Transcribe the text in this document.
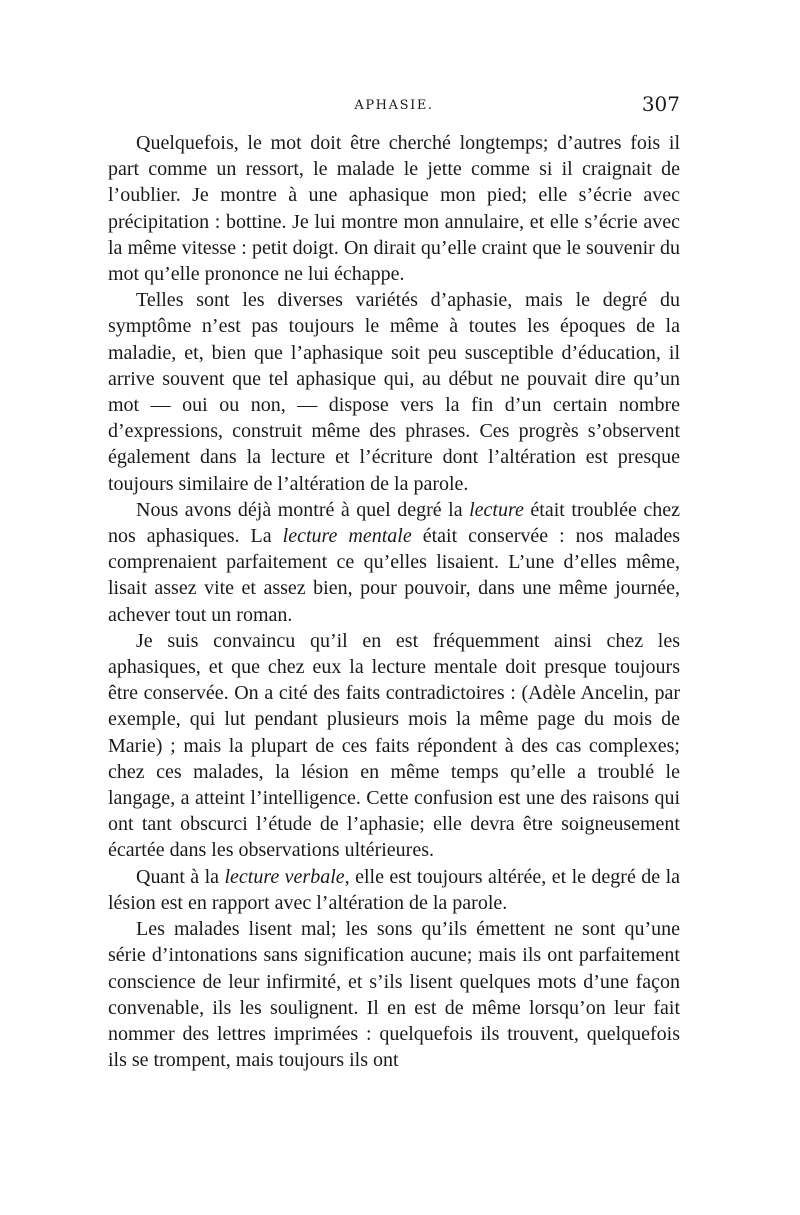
APHASIE.	307

Quelquefois, le mot doit être cherché longtemps; d’autres fois il part comme un ressort, le malade le jette comme si il craignait de l’oublier. Je montre à une aphasique mon pied; elle s’écrie avec précipitation : bottine. Je lui montre mon annulaire, et elle s’écrie avec la même vitesse : petit doigt. On dirait qu’elle craint que le souvenir du mot qu’elle prononce ne lui échappe.

Telles sont les diverses variétés d’aphasie, mais le degré du symptôme n’est pas toujours le même à toutes les époques de la maladie, et, bien que l’aphasique soit peu susceptible d’éducation, il arrive souvent que tel aphasique qui, au début ne pouvait dire qu’un mot — oui ou non, — dispose vers la fin d’un certain nombre d’expressions, construit même des phrases. Ces progrès s’observent également dans la lecture et l’écriture dont l’altération est presque toujours similaire de l’altération de la parole.

Nous avons déjà montré à quel degré la lecture était troublée chez nos aphasiques. La lecture mentale était conservée : nos malades comprenaient parfaitement ce qu’elles lisaient. L’une d’elles même, lisait assez vite et assez bien, pour pouvoir, dans une même journée, achever tout un roman.

Je suis convaincu qu’il en est fréquemment ainsi chez les aphasiques, et que chez eux la lecture mentale doit presque toujours être conservée. On a cité des faits contradictoires : (Adèle Ancelin, par exemple, qui lut pendant plusieurs mois la même page du mois de Marie) ; mais la plupart de ces faits répondent à des cas complexes; chez ces malades, la lésion en même temps qu’elle a troublé le langage, a atteint l’intelligence. Cette confusion est une des raisons qui ont tant obscurci l’étude de l’aphasie; elle devra être soigneusement écartée dans les observations ultérieures.

Quant à la lecture verbale, elle est toujours altérée, et le degré de la lésion est en rapport avec l’altération de la parole.

Les malades lisent mal; les sons qu’ils émettent ne sont qu’une série d’intonations sans signification aucune; mais ils ont parfaitement conscience de leur infirmité, et s’ils lisent quelques mots d’une façon convenable, ils les soulignent. Il en est de même lorsqu’on leur fait nommer des lettres imprimées : quelquefois ils trouvent, quelquefois ils se trompent, mais toujours ils ont
